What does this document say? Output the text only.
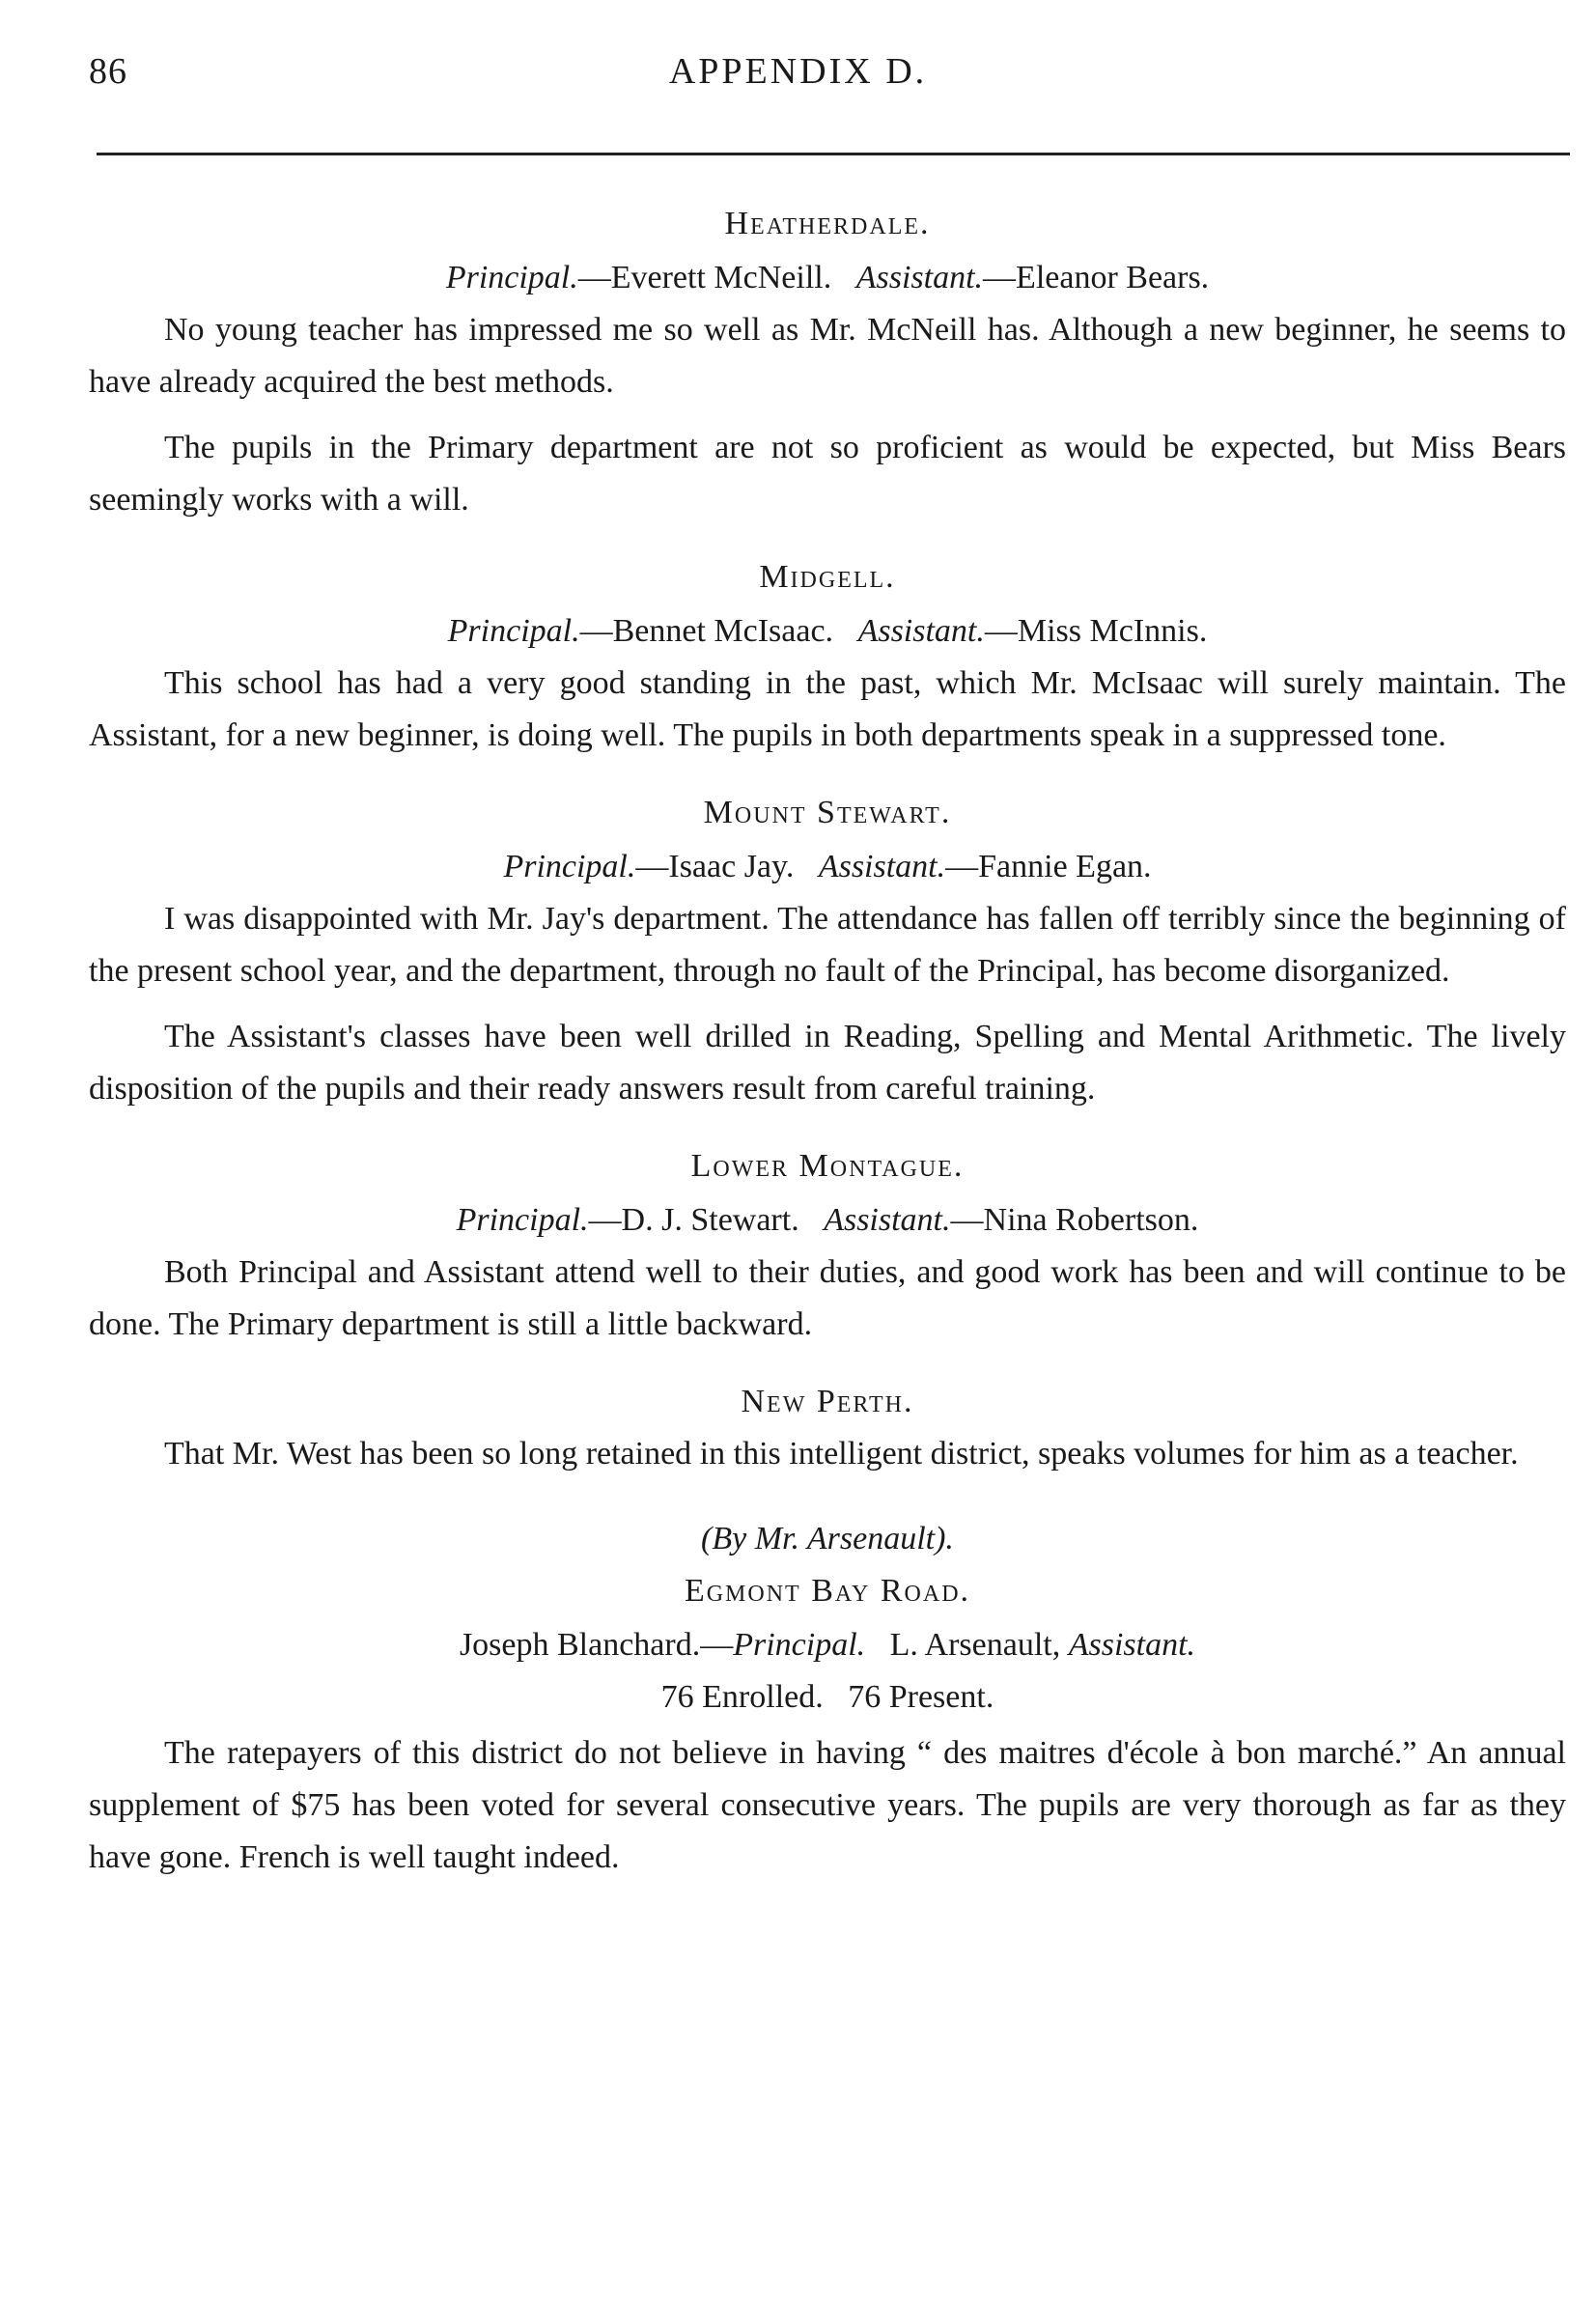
86	APPENDIX D.

Heatherdale.

Principal.—Everett McNeill. Assistant.—Eleanor Bears.

No young teacher has impressed me so well as Mr. McNeill has. Although a new beginner, he seems to have already acquired the best methods.

The pupils in the Primary department are not so proficient as would be expected, but Miss Bears seemingly works with a will.

Midgell.

Principal.—Bennet McIsaac. Assistant.—Miss McInnis.

This school has had a very good standing in the past, which Mr. McIsaac will surely maintain. The Assistant, for a new beginner, is doing well. The pupils in both departments speak in a suppressed tone.

Mount Stewart.

Principal.—Isaac Jay. Assistant.—Fannie Egan.

I was disappointed with Mr. Jay's department. The attendance has fallen off terribly since the beginning of the present school year, and the department, through no fault of the Principal, has become disorganized.

The Assistant's classes have been well drilled in Reading, Spelling and Mental Arithmetic. The lively disposition of the pupils and their ready answers result from careful training.

Lower Montague.

Principal.—D. J. Stewart. Assistant.—Nina Robertson.

Both Principal and Assistant attend well to their duties, and good work has been and will continue to be done. The Primary department is still a little backward.

New Perth.

That Mr. West has been so long retained in this intelligent district, speaks volumes for him as a teacher.

(By Mr. Arsenault).

Egmont Bay Road.

Joseph Blanchard.—Principal. L. Arsenault, Assistant.

76 Enrolled.   76 Present.

The ratepayers of this district do not believe in having “ des maitres d'école à bon marché.” An annual supplement of $75 has been voted for several consecutive years. The pupils are very thorough as far as they have gone. French is well taught indeed.
